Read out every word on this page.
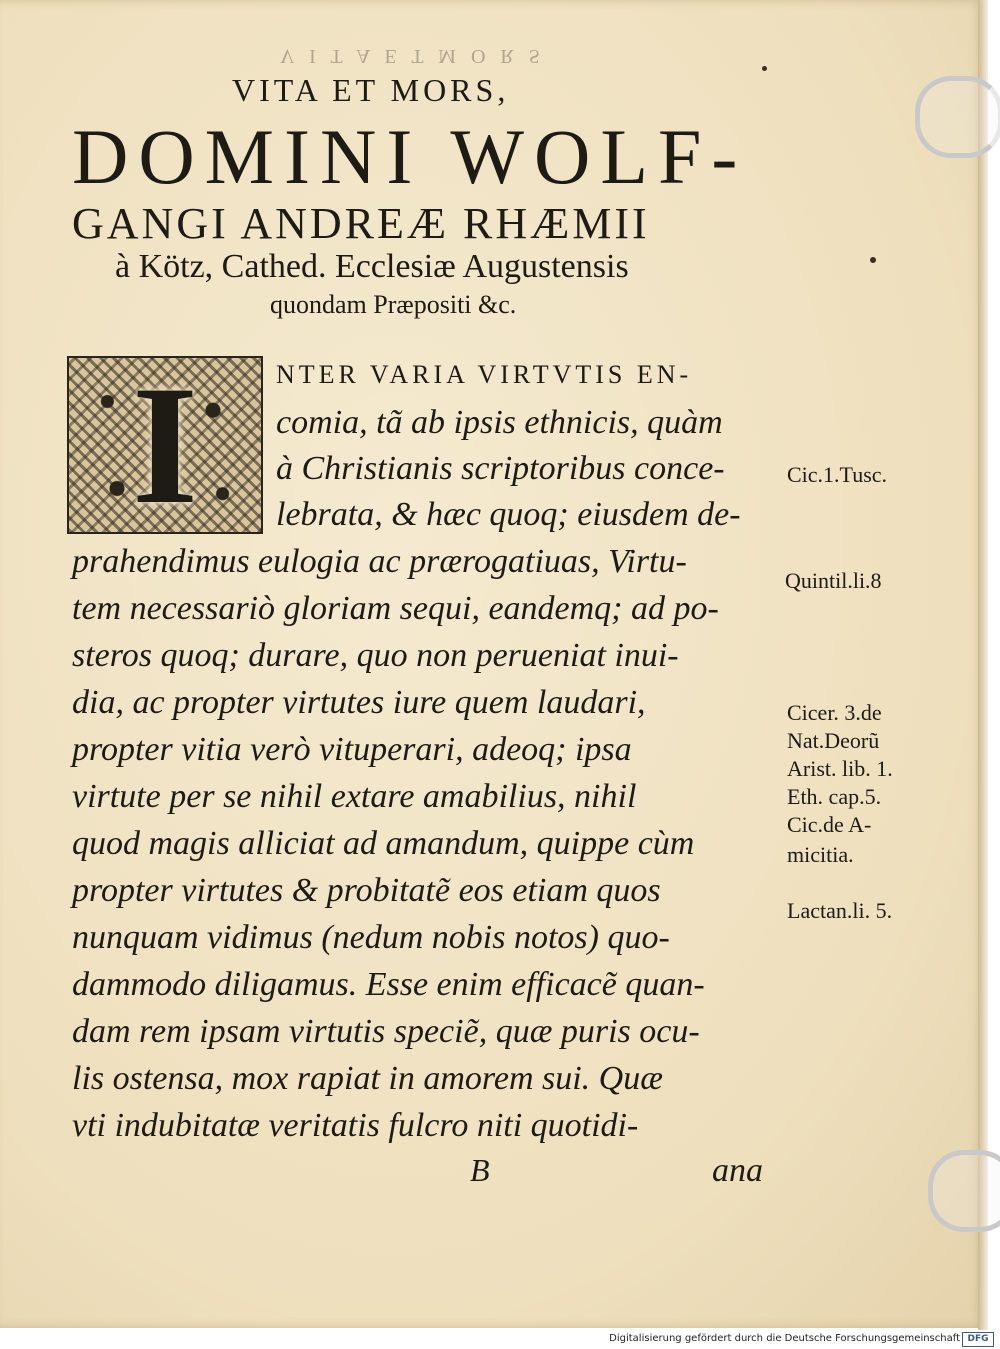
V I T A E T M O R S
VITA ET MORS,
DOMINI WOLF-
GANGI ANDREÆ RHÆMII
à Kötz, Cathed. Ecclesiæ Augustensis
quondam Præpositi &c.
I	NTER VARIA VIRTVTIS EN-
comia, tã ab ipsis ethnicis, quàm
à Christianis scriptoribus conce-
lebrata, & hæc quoq; eiusdem de-
prahendimus eulogia ac prærogatiuas, Virtu-
tem necessariò gloriam sequi, eandemq; ad po-
steros quoq; durare, quo non perueniat inui-
dia, ac propter virtutes iure quem laudari,
propter vitia verò vituperari, adeoq; ipsa
virtute per se nihil extare amabilius, nihil
quod magis alliciat ad amandum, quippe cùm
propter virtutes & probitatẽ eos etiam quos
nunquam vidimus (nedum nobis notos) quo-
dammodo diligamus. Esse enim efficacẽ quan-
dam rem ipsam virtutis speciẽ, quæ puris ocu-
lis ostensa, mox rapiat in amorem sui. Quæ
vti indubitatæ veritatis fulcro niti quotidi-
B	ana
Cic.1.Tusc.
Quintil.li.8
Cicer. 3.de
Nat.Deorũ
Arist. lib. 1.
Eth. cap.5.
Cic.de A-
micitia.
Lactan.li. 5.
Digitalisierung gefördert durch die Deutsche Forschungsgemeinschaft DFG
